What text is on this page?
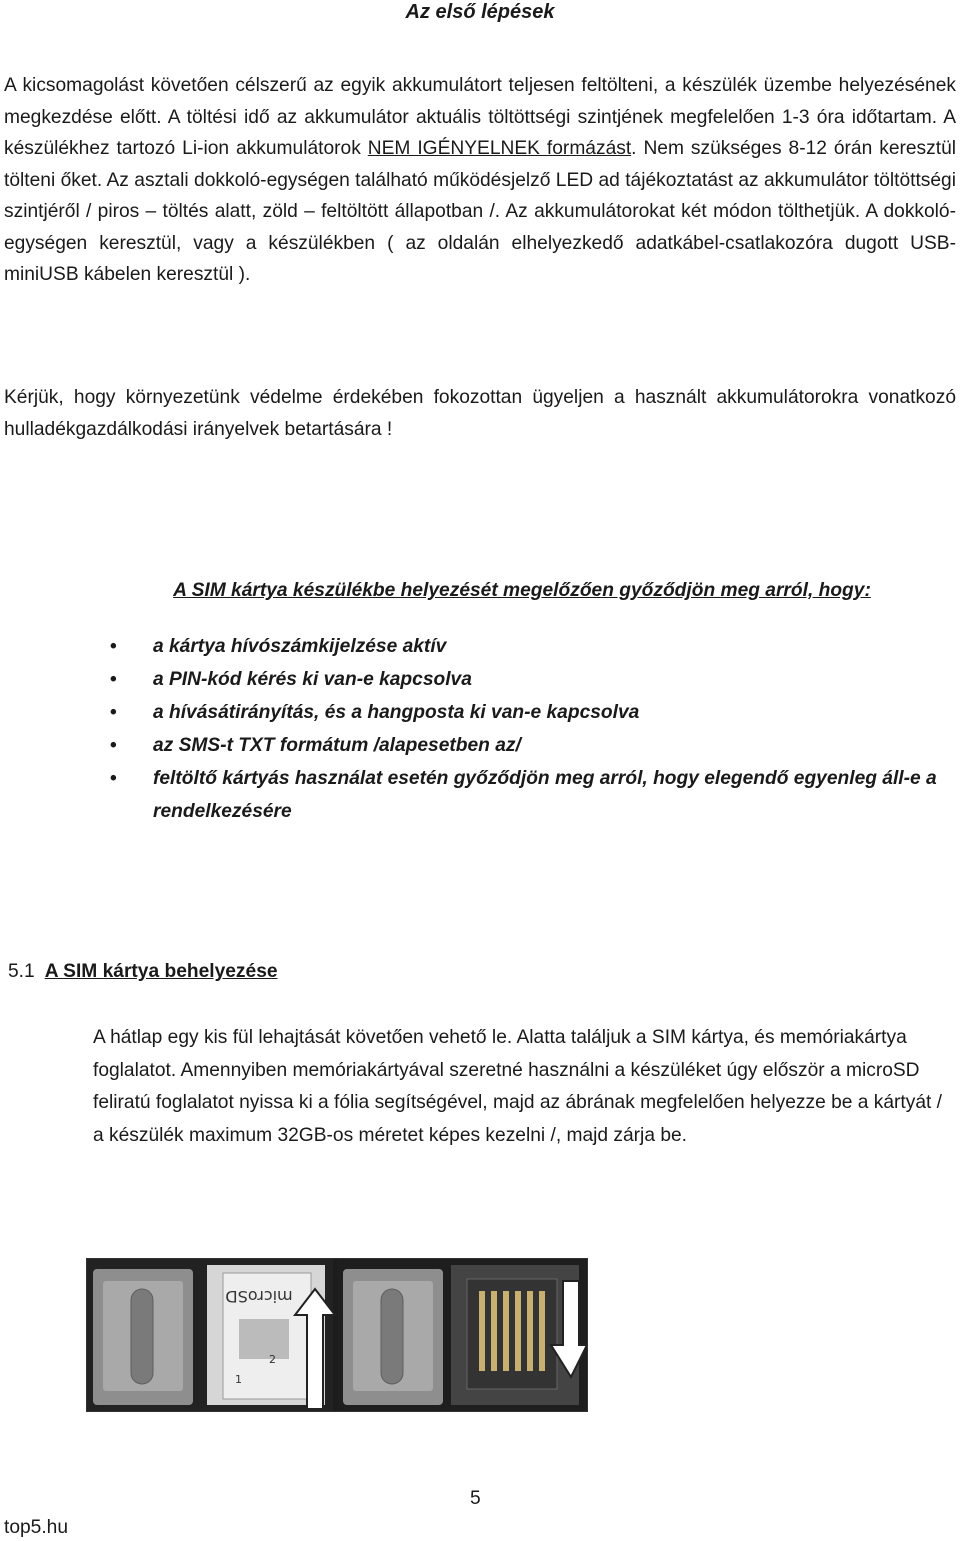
Az első lépések
A kicsomagolást követően célszerű az egyik akkumulátort teljesen feltölteni, a készülék üzembe helyezésének megkezdése előtt. A töltési idő az akkumulátor aktuális töltöttségi szintjének megfelelően 1-3 óra időtartam. A készülékhez tartozó Li-ion akkumulátorok NEM IGÉNYELNEK formázást. Nem szükséges 8-12 órán keresztül tölteni őket. Az asztali dokkoló-egységen található működésjelző LED ad tájékoztatást az akkumulátor töltöttségi szintjéről / piros – töltés alatt, zöld – feltöltött állapotban /. Az akkumulátorokat két módon tölthetjük. A dokkoló-egységen keresztül, vagy a készülékben ( az oldalán elhelyezkedő adatkábel-csatlakozóra dugott USB-miniUSB kábelen keresztül ).
Kérjük, hogy környezetünk védelme érdekében fokozottan ügyeljen a használt akkumulátorokra vonatkozó hulladékgazdálkodási irányelvek betartására !
A SIM kártya készülékbe helyezését megelőzően győződjön meg arról, hogy:
• a kártya hívószámkijelzése aktív
• a PIN-kód kérés ki van-e kapcsolva
• a hívásátirányítás, és a hangposta ki van-e kapcsolva
• az SMS-t TXT formátum /alapesetben az/
• feltöltő kártyás használat esetén győződjön meg arról, hogy elegendő egyenleg áll-e a rendelkezésére
5.1 A SIM kártya behelyezése
A hátlap egy kis fül lehajtását követően vehető le. Alatta találjuk a SIM kártya, és memóriakártya foglalatot. Amennyiben memóriakártyával szeretné használni a készüléket úgy először a microSD feliratú foglalatot nyissa ki a fólia segítségével, majd az ábrának megfelelően helyezze be a kártyát / a készülék maximum 32GB-os méretet képes kezelni /, majd zárja be.
microSD
1
2
5
top5.hu
